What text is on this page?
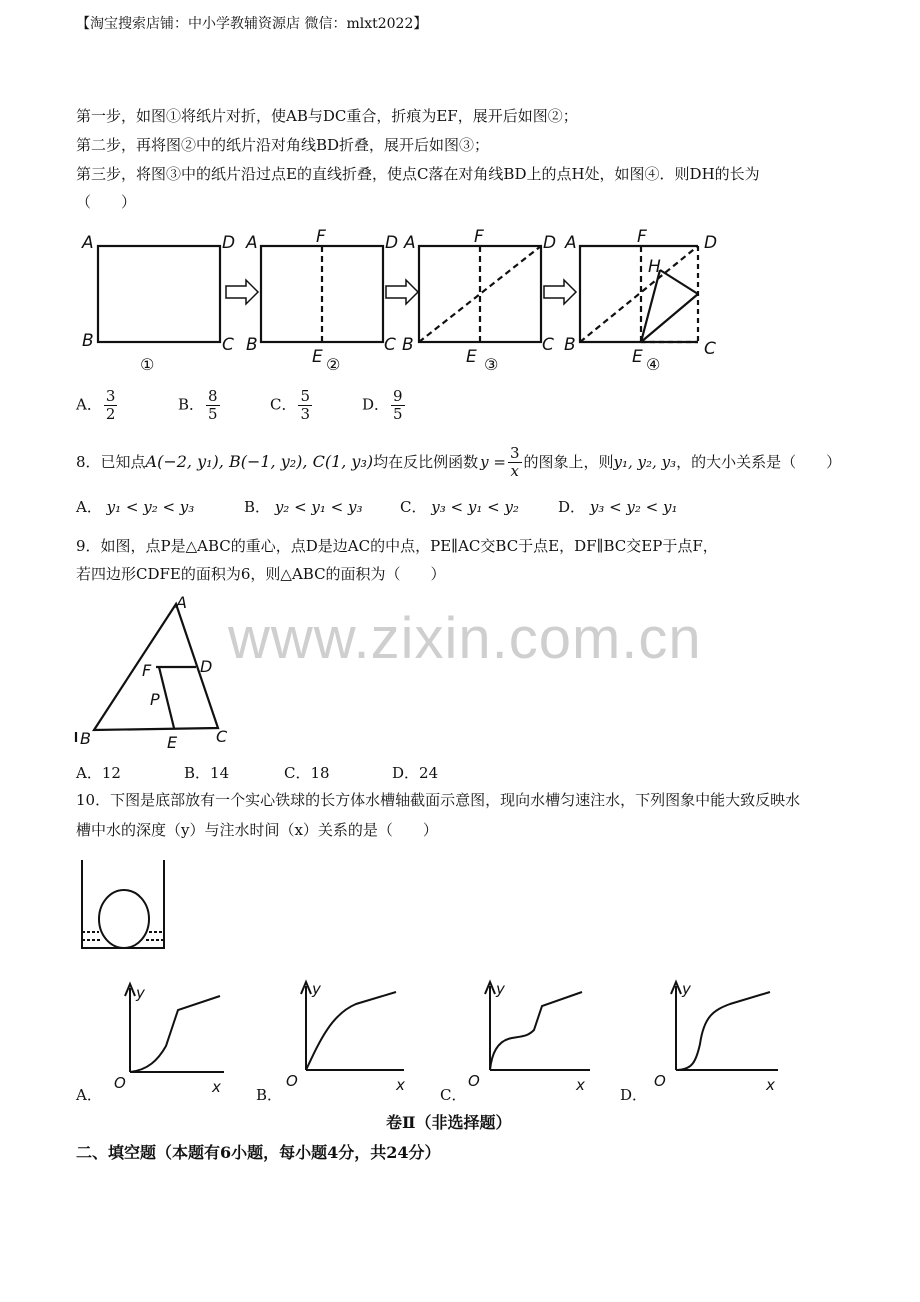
【淘宝搜索店铺：中小学教辅资源店 微信：mlxt2022】
第一步，如图①将纸片对折，使AB与DC重合，折痕为EF，展开后如图②；
第二步，再将图②中的纸片沿对角线BD折叠，展开后如图③；
第三步，将图③中的纸片沿过点E的直线折叠，使点C落在对角线BD上的点H处，如图④．则DH的长为
（　　）
A	D
B	C
A	F	D
B
E
C
A	F	D
B
E
C
A	F	D
H
B
E	C
①	②	③	④
A． $\frac{3}{2}$	B． $\frac{8}{5}$	C． $\frac{5}{3}$	D． $\frac{9}{5}$
8．已知点 A(−2, y₁), B(−1, y₂), C(1, y₃) 均在反比例函数 $y = \frac{3}{x}$ 的图象上，则 y₁, y₂, y₃ ，的大小关系是（　　）
A． y₁ < y₂ < y₃	B． y₂ < y₁ < y₃	C． y₃ < y₁ < y₂	D． y₃ < y₂ < y₁
9．如图，点P是△ABC的重心，点D是边AC的中点，PE∥AC交BC于点E，DF∥BC交EP于点F，
若四边形CDFE的面积为6，则△ABC的面积为（　　）
A
B	C
D
F
P
E
A．12	B．14	C．18	D．24
www.zixin.com.cn
10．下图是底部放有一个实心铁球的长方体水槽轴截面示意图，现向水槽匀速注水，下列图象中能大致反映水
槽中水的深度（y）与注水时间（x）关系的是（　　）
y
x
O
A．
y
x
O
B．
y
x
O
C．
y
x
O
D．
卷Ⅱ（非选择题）
二、填空题（本题有6小题，每小题4分，共24分）
